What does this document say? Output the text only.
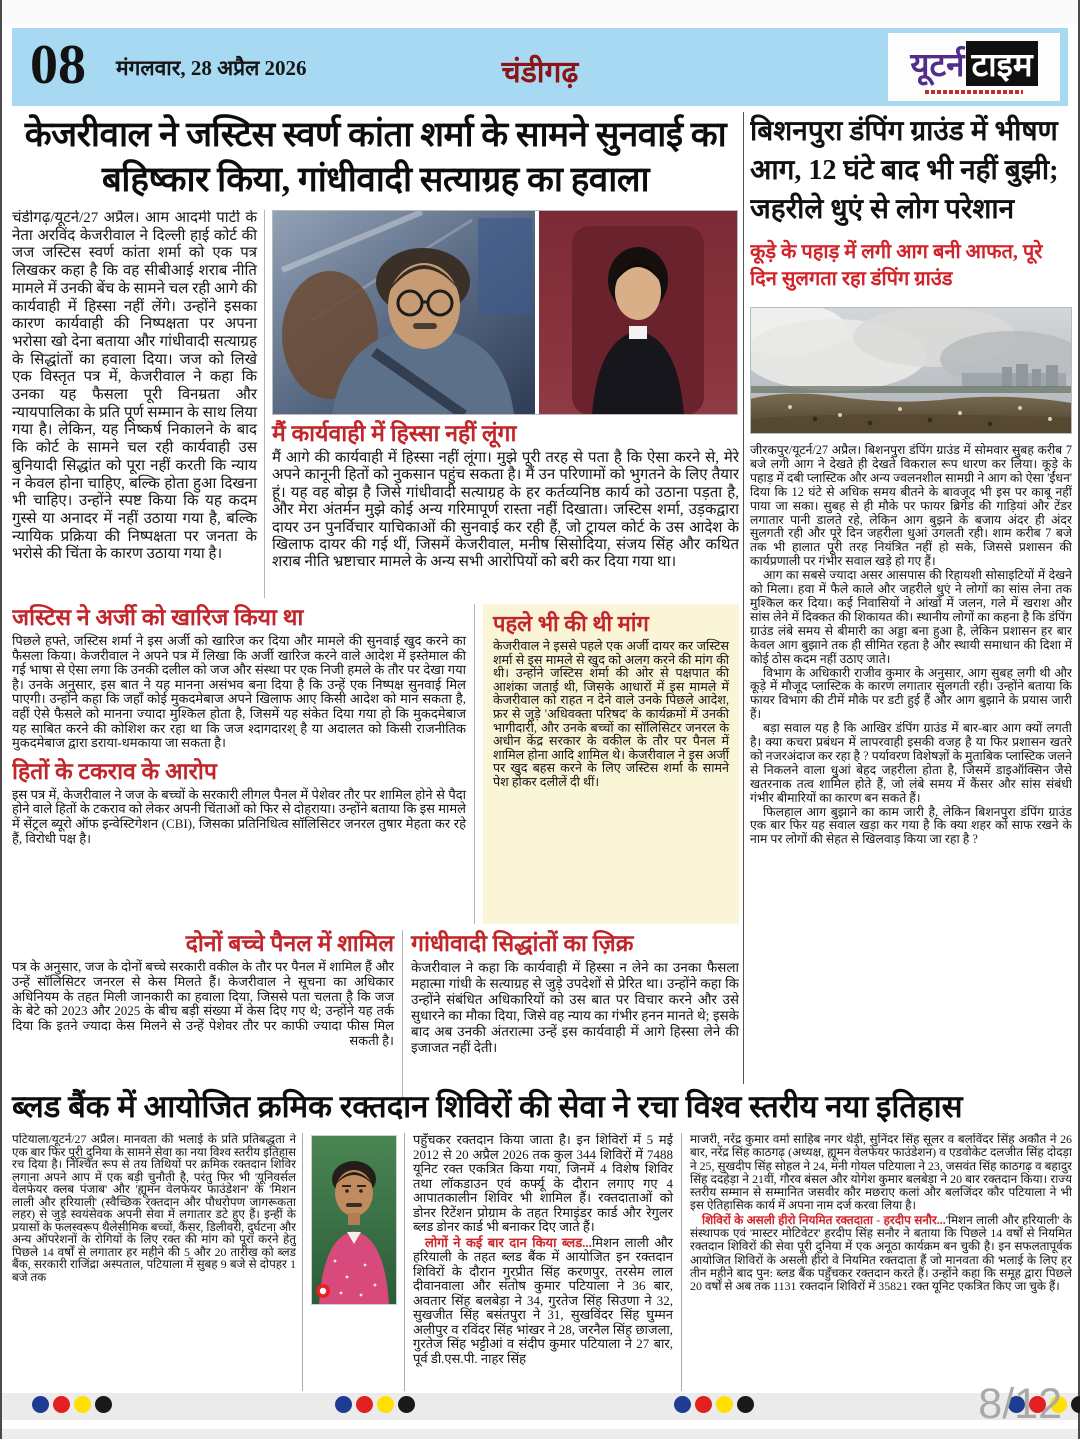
08 मंगलवार, 28 अप्रैल 2026	चंडीगढ़	यूटर्न टाइम
केजरीवाल ने जस्टिस स्वर्ण कांता शर्मा के सामने सुनवाई का बहिष्कार किया, गांधीवादी सत्याग्रह का हवाला
चंडीगढ़/यूटर्न/27 अप्रैल। आम आदमी पार्टी के नेता अरविंद केजरीवाल ने दिल्ली हाई कोर्ट की जज जस्टिस स्वर्ण कांता शर्मा को एक पत्र लिखकर कहा है कि वह सीबीआई शराब नीति मामले में उनकी बेंच के सामने चल रही आगे की कार्यवाही में हिस्सा नहीं लेंगे। उन्होंने इसका कारण कार्यवाही की निष्पक्षता पर अपना भरोसा खो देना बताया और गांधीवादी सत्याग्रह के सिद्धांतों का हवाला दिया। जज को लिखे एक विस्तृत पत्र में, केजरीवाल ने कहा कि उनका यह फैसला पूरी विनम्रता और न्यायपालिका के प्रति पूर्ण सम्मान के साथ लिया गया है। लेकिन, यह निष्कर्ष निकालने के बाद कि कोर्ट के सामने चल रही कार्यवाही उस बुनियादी सिद्धांत को पूरा नहीं करती कि न्याय न केवल होना चाहिए, बल्कि होता हुआ दिखना भी चाहिए। उन्होंने स्पष्ट किया कि यह कदम गुस्से या अनादर में नहीं उठाया गया है, बल्कि न्यायिक प्रक्रिया की निष्पक्षता पर जनता के भरोसे की चिंता के कारण उठाया गया है।
मैं कार्यवाही में हिस्सा नहीं लूंगा
मैं आगे की कार्यवाही में हिस्सा नहीं लूंगा। मुझे पूरी तरह से पता है कि ऐसा करने से, मेरे अपने कानूनी हितों को नुकसान पहुंच सकता है। मैं उन परिणामों को भुगतने के लिए तैयार हूं। यह वह बोझ है जिसे गांधीवादी सत्याग्रह के हर कर्तव्यनिष्ठ कार्य को उठाना पड़ता है, और मेरा अंतर्मन मुझे कोई अन्य गरिमापूर्ण रास्ता नहीं दिखाता। जस्टिस शर्मा, उड़कद्वारा दायर उन पुनर्विचार याचिकाओं की सुनवाई कर रही हैं, जो ट्रायल कोर्ट के उस आदेश के खिलाफ दायर की गई थीं, जिसमें केजरीवाल, मनीष सिसोदिया, संजय सिंह और कथित शराब नीति भ्रष्टाचार मामले के अन्य सभी आरोपियों को बरी कर दिया गया था।
जस्टिस ने अर्जी को खारिज किया था
पिछले हफ्ते, जस्टिस शर्मा ने इस अर्जी को खारिज कर दिया और मामले की सुनवाई खुद करने का फैसला किया। केजरीवाल ने अपने पत्र में लिखा कि अर्जी खारिज करने वाले आदेश में इस्तेमाल की गई भाषा से ऐसा लगा कि उनकी दलील को जज और संस्था पर एक निजी हमले के तौर पर देखा गया है। उनके अनुसार, इस बात ने यह मानना असंभव बना दिया है कि उन्हें एक निष्पक्ष सुनवाई मिल पाएगी। उन्होंने कहा कि जहाँ कोई मुकदमेबाज अपने खिलाफ आए किसी आदेश को मान सकता है, वहीं ऐसे फैसले को मानना ज्यादा मुश्किल होता है, जिसमें यह संकेत दिया गया हो कि मुकदमेबाज यह साबित करने की कोशिश कर रहा था कि जज श्दागदारश् है या अदालत को किसी राजनीतिक मुकदमेबाज द्वारा डराया-धमकाया जा सकता है।
हितों के टकराव के आरोप
इस पत्र में, केजरीवाल ने जज के बच्चों के सरकारी लीगल पैनल में पेशेवर तौर पर शामिल होने से पैदा होने वाले हितों के टकराव को लेकर अपनी चिंताओं को फिर से दोहराया। उन्होंने बताया कि इस मामले में सेंट्रल ब्यूरो ऑफ इन्वेस्टिगेशन (CBI), जिसका प्रतिनिधित्व सॉलिसिटर जनरल तुषार मेहता कर रहे हैं, विरोधी पक्ष है।
पहले भी की थी मांग
केजरीवाल ने इससे पहले एक अर्जी दायर कर जस्टिस शर्मा से इस मामले से खुद को अलग करने की मांग की थी। उन्होंने जस्टिस शर्मा की ओर से पक्षपात की आशंका जताई थी, जिसके आधारों में इस मामले में केजरीवाल को राहत न देने वाले उनके पिछले आदेश, फ्रर से जुड़े 'अधिवक्ता परिषद' के कार्यक्रमों में उनकी भागीदारी, और उनके बच्चों का सॉलिसिटर जनरल के अधीन केंद्र सरकार के वकील के तौर पर पैनल में शामिल होना आदि शामिल थे। केजरीवाल ने इस अर्जी पर खुद बहस करने के लिए जस्टिस शर्मा के सामने पेश होकर दलीलें दी थीं।
दोनों बच्चे पैनल में शामिल
पत्र के अनुसार, जज के दोनों बच्चे सरकारी वकील के तौर पर पैनल में शामिल हैं और उन्हें सॉलिसिटर जनरल से केस मिलते हैं। केजरीवाल ने सूचना का अधिकार अधिनियम के तहत मिली जानकारी का हवाला दिया, जिससे पता चलता है कि जज के बेटे को 2023 और 2025 के बीच बड़ी संख्या में केस दिए गए थे; उन्होंने यह तर्क दिया कि इतने ज्यादा केस मिलने से उन्हें पेशेवर तौर पर काफी ज्यादा फीस मिल सकती है।
गांधीवादी सिद्धांतों का ज़िक्र
केजरीवाल ने कहा कि कार्यवाही में हिस्सा न लेने का उनका फैसला महात्मा गांधी के सत्याग्रह से जुड़े उपदेशों से प्रेरित था। उन्होंने कहा कि उन्होंने संबंधित अधिकारियों को उस बात पर विचार करने और उसे सुधारने का मौका दिया, जिसे वह न्याय का गंभीर हनन मानते थे; इसके बाद अब उनकी अंतरात्मा उन्हें इस कार्यवाही में आगे हिस्सा लेने की इजाजत नहीं देती।
बिशनपुरा डंपिंग ग्राउंड में भीषण आग, 12 घंटे बाद भी नहीं बुझी; जहरीले धुएं से लोग परेशान
कूड़े के पहाड़ में लगी आग बनी आफत, पूरे दिन सुलगता रहा डंपिंग ग्राउंड

जीरकपुर/यूटर्न/27 अप्रैल। बिशनपुरा डंपिंग ग्राउंड में सोमवार सुबह करीब 7 बजे लगी आग ने देखते ही देखते विकराल रूप धारण कर लिया। कूड़े के पहाड़ में दबी प्लास्टिक और अन्य ज्वलनशील सामग्री ने आग को ऐसा 'ईंधन' दिया कि 12 घंटे से अधिक समय बीतने के बावजूद भी इस पर काबू नहीं पाया जा सका। सुबह से ही मौके पर फायर ब्रिगेड की गाड़ियां और टेंडर लगातार पानी डालते रहे, लेकिन आग बुझने के बजाय अंदर ही अंदर सुलगती रही और पूरे दिन जहरीला धुआं उगलती रही। शाम करीब 7 बजे तक भी हालात पूरी तरह नियंत्रित नहीं हो सके, जिससे प्रशासन की कार्यप्रणाली पर गंभीर सवाल खड़े हो गए हैं।

आग का सबसे ज्यादा असर आसपास की रिहायशी सोसाइटियों में देखने को मिला। हवा में फैले काले और जहरीले धुएं ने लोगों का सांस लेना तक मुश्किल कर दिया। कई निवासियों ने आंखों में जलन, गले में खराश और सांस लेने में दिक्कत की शिकायत की। स्थानीय लोगों का कहना है कि डंपिंग ग्राउंड लंबे समय से बीमारी का अड्डा बना हुआ है, लेकिन प्रशासन हर बार केवल आग बुझाने तक ही सीमित रहता है और स्थायी समाधान की दिशा में कोई ठोस कदम नहीं उठाए जाते।

विभाग के अधिकारी राजीव कुमार के अनुसार, आग सुबह लगी थी और कूड़े में मौजूद प्लास्टिक के कारण लगातार सुलगती रही। उन्होंने बताया कि फायर विभाग की टीमें मौके पर डटी हुई हैं और आग बुझाने के प्रयास जारी हैं।

बड़ा सवाल यह है कि आखिर डंपिंग ग्राउंड में बार-बार आग क्यों लगती है। क्या कचरा प्रबंधन में लापरवाही इसकी वजह है या फिर प्रशासन खतरे को नजरअंदाज कर रहा है ? पर्यावरण विशेषज्ञों के मुताबिक प्लास्टिक जलने से निकलने वाला धुआं बेहद जहरीला होता है, जिसमें डाइऑक्सिन जैसे खतरनाक तत्व शामिल होते हैं, जो लंबे समय में कैंसर और सांस संबंधी गंभीर बीमारियों का कारण बन सकते हैं।

फिलहाल आग बुझाने का काम जारी है, लेकिन बिशनपुरा डंपिंग ग्राउंड एक बार फिर यह सवाल खड़ा कर गया है कि क्या शहर को साफ रखने के नाम पर लोगों की सेहत से खिलवाड़ किया जा रहा है ?

ब्लड बैंक में आयोजित क्रमिक रक्तदान शिविरों की सेवा ने रचा विश्व स्तरीय नया इतिहास
पटियाला/यूटर्न/27 अप्रैल। मानवता की भलाई के प्रति प्रतिबद्धता ने एक बार फिर पूरी दुनिया के सामने सेवा का नया विश्व स्तरीय इतिहास रच दिया है। निश्चित रूप से तय तिथियों पर क्रमिक रक्तदान शिविर लगाना अपने आप में एक बड़ी चुनौती है, परंतु फिर भी 'यूनिवर्सल वेलफेयर क्लब पंजाब' और 'ह्यूमन वेलफेयर फाउंडेशन' के 'मिशन लाली और हरियाली' (स्वैच्छिक रक्तदान और पौधरोपण जागरूकता लहर) से जुड़े स्वयंसेवक अपनी सेवा में लगातार डटे हुए हैं। इन्हीं के प्रयासों के फलस्वरूप थैलेसीमिक बच्चों, कैंसर, डिलीवरी, दुर्घटना और अन्य ऑपरेशनों के रोगियों के लिए रक्त की मांग को पूरा करने हेतु पिछले 14 वर्षों से लगातार हर महीने की 5 और 20 तारीख को ब्लड बैंक, सरकारी राजिंद्रा अस्पताल, पटियाला में सुबह 9 बजे से दोपहर 1 बजे तक

पहुँचकर रक्तदान किया जाता है। इन शिविरों में 5 मई 2012 से 20 अप्रैल 2026 तक कुल 344 शिविरों में 7488 यूनिट रक्त एकत्रित किया गया, जिनमें 4 विशेष शिविर तथा लॉकडाउन एवं कर्फ्यू के दौरान लगाए गए 4 आपातकालीन शिविर भी शामिल हैं। रक्तदाताओं को डोनर रिटेंशन प्रोग्राम के तहत रिमाइंडर कार्ड और रेगुलर ब्लड डोनर कार्ड भी बनाकर दिए जाते हैं।

लोगों ने कई बार दान किया ब्लड...मिशन लाली और हरियाली के तहत ब्लड बैंक में आयोजित इन रक्तदान शिविरों के दौरान गुरप्रीत सिंह करणपुर, तरसेम लाल दीवानवाला और संतोष कुमार पटियाला ने 36 बार, अवतार सिंह बलबेड़ा ने 34, गुरतेज सिंह सिउणा ने 32, सुखजीत सिंह बसंतपुरा ने 31, सुखविंदर सिंह घुम्मन अलीपुर व रविंदर सिंह भांखर ने 28, जरनैल सिंह छाजला, गुरतेज सिंह भट्टीआं व संदीप कुमार पटियाला ने 27 बार, पूर्व डी.एस.पी. नाहर सिंह

माजरी, नरेंद्र कुमार वर्मा साहिब नगर थेड़ी, सुनिंदर सिंह सूलर व बलविंदर सिंह अकौत ने 26 बार, नरेंद्र सिंह काठगढ़ (अध्यक्ष, ह्यूमन वेलफेयर फाउंडेशन) व एडवोकेट दलजीत सिंह दोदड़ा ने 25, सुखदीप सिंह सोहल ने 24, मनी गोयल पटियाला ने 23, जसवंत सिंह काठगढ़ व बहादुर सिंह ददहेड़ा ने 21वीं, गौरव बंसल और योगेश कुमार बलबेड़ा ने 20 बार रक्तदान किया। राज्य स्तरीय सम्मान से सम्मानित जसवीर कौर मछराए कलां और बलजिंदर कौर पटियाला ने भी इस ऐतिहासिक कार्य में अपना नाम दर्ज करवा लिया है।

शिविरों के असली हीरो नियमित रक्तदाता - हरदीप सनौर...'मिशन लाली और हरियाली' के संस्थापक एवं 'मास्टर मोटिवेटर' हरदीप सिंह सनौर ने बताया कि पिछले 14 वर्षों से नियमित रक्तदान शिविरों की सेवा पूरी दुनिया में एक अनूठा कार्यक्रम बन चुकी है। इन सफलतापूर्वक आयोजित शिविरों के असली हीरो वे नियमित रक्तदाता हैं जो मानवता की भलाई के लिए हर तीन महीने बाद पुन: ब्लड बैंक पहुँचकर रक्तदान करते हैं। उन्होंने कहा कि समूह द्वारा पिछले 20 वर्षों से अब तक 1131 रक्तदान शिविरों में 35821 रक्त यूनिट एकत्रित किए जा चुके हैं।

8/12
